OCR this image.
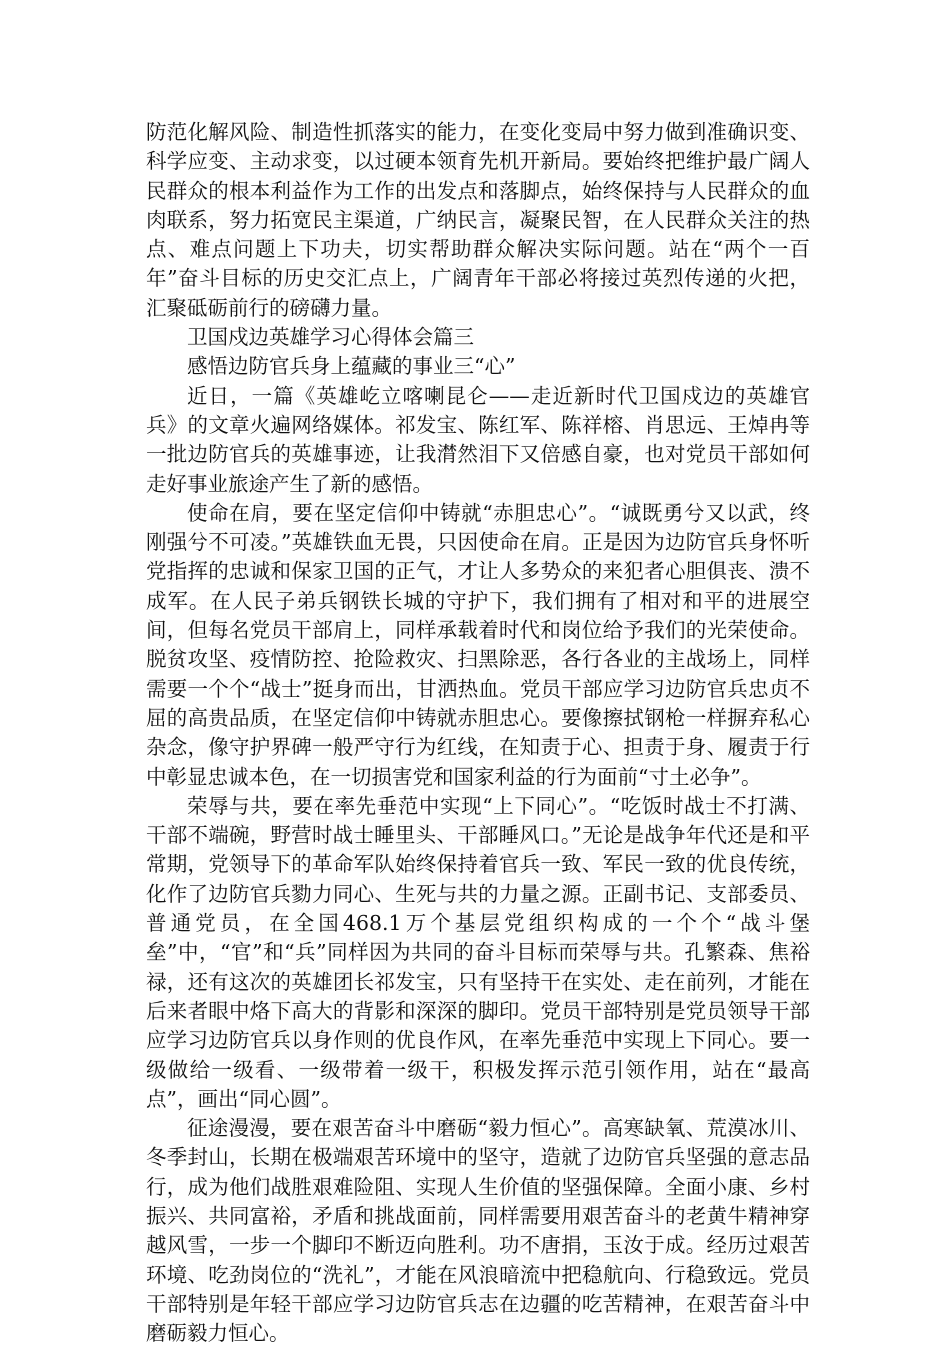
防范化解风险、制造性抓落实的能力，在变化变局中努力做到准确识变、科学应变、主动求变，以过硬本领育先机开新局。要始终把维护最广阔人民群众的根本利益作为工作的出发点和落脚点，始终保持与人民群众的血肉联系，努力拓宽民主渠道，广纳民言，凝聚民智，在人民群众关注的热点、难点问题上下功夫，切实帮助群众解决实际问题。站在“两个一百年”奋斗目标的历史交汇点上，广阔青年干部必将接过英烈传递的火把，汇聚砥砺前行的磅礴力量。

卫国戍边英雄学习心得体会篇三

感悟边防官兵身上蕴藏的事业三“心”

近日，一篇《英雄屹立喀喇昆仑——走近新时代卫国戍边的英雄官兵》的文章火遍网络媒体。祁发宝、陈红军、陈祥榕、肖思远、王焯冉等一批边防官兵的英雄事迹，让我潸然泪下又倍感自豪，也对党员干部如何走好事业旅途产生了新的感悟。

使命在肩，要在坚定信仰中铸就“赤胆忠心”。“诚既勇兮又以武，终刚强兮不可凌。”英雄铁血无畏，只因使命在肩。正是因为边防官兵身怀听党指挥的忠诚和保家卫国的正气，才让人多势众的来犯者心胆俱丧、溃不成军。在人民子弟兵钢铁长城的守护下，我们拥有了相对和平的进展空间，但每名党员干部肩上，同样承载着时代和岗位给予我们的光荣使命。脱贫攻坚、疫情防控、抢险救灾、扫黑除恶，各行各业的主战场上，同样需要一个个“战士”挺身而出，甘洒热血。党员干部应学习边防官兵忠贞不屈的高贵品质，在坚定信仰中铸就赤胆忠心。要像擦拭钢枪一样摒弃私心杂念，像守护界碑一般严守行为红线，在知责于心、担责于身、履责于行中彰显忠诚本色，在一切损害党和国家利益的行为面前“寸土必争”。

荣辱与共，要在率先垂范中实现“上下同心”。“吃饭时战士不打满、干部不端碗，野营时战士睡里头、干部睡风口。”无论是战争年代还是和平常期，党领导下的革命军队始终保持着官兵一致、军民一致的优良传统，化作了边防官兵勠力同心、生死与共的力量之源。正副书记、支部委员、普通党员，在全国468.1万个基层党组织构成的一个个“战斗堡垒”中，“官”和“兵”同样因为共同的奋斗目标而荣辱与共。孔繁森、焦裕禄，还有这次的英雄团长祁发宝，只有坚持干在实处、走在前列，才能在后来者眼中烙下高大的背影和深深的脚印。党员干部特别是党员领导干部应学习边防官兵以身作则的优良作风，在率先垂范中实现上下同心。要一级做给一级看、一级带着一级干，积极发挥示范引领作用，站在“最高点”，画出“同心圆”。

征途漫漫，要在艰苦奋斗中磨砺“毅力恒心”。高寒缺氧、荒漠冰川、冬季封山，长期在极端艰苦环境中的坚守，造就了边防官兵坚强的意志品行，成为他们战胜艰难险阻、实现人生价值的坚强保障。全面小康、乡村振兴、共同富裕，矛盾和挑战面前，同样需要用艰苦奋斗的老黄牛精神穿越风雪，一步一个脚印不断迈向胜利。功不唐捐，玉汝于成。经历过艰苦环境、吃劲岗位的“洗礼”，才能在风浪暗流中把稳航向、行稳致远。党员干部特别是年轻干部应学习边防官兵志在边疆的吃苦精神，在艰苦奋斗中磨砺毅力恒心。
